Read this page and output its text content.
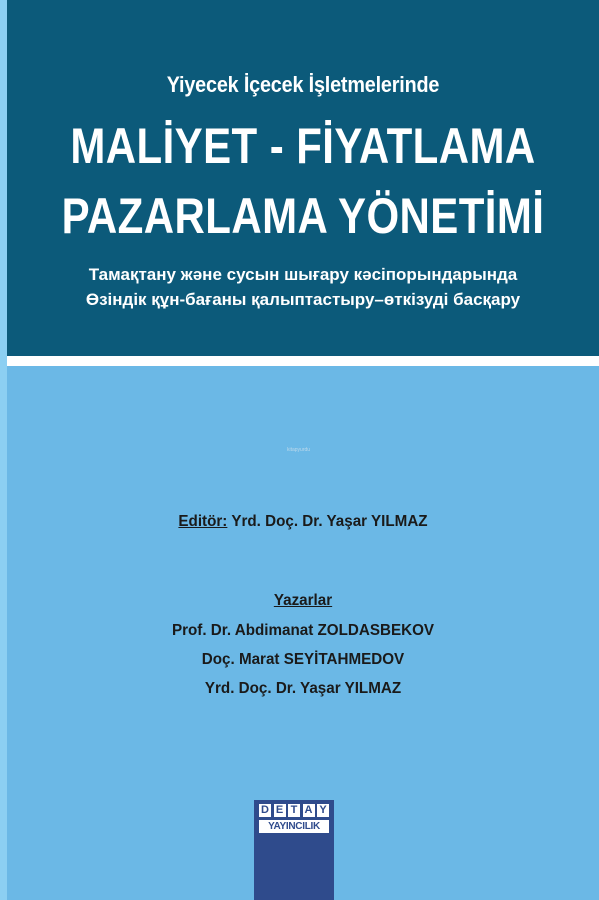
Yiyecek İçecek İşletmelerinde
MALİYET - FİYATLAMA
PAZARLAMA YÖNETİMİ
Тамақтану және сусын шығару кәсіпорындарында
Өзіндік құн-бағаны қалыптастыру–өткізуді басқару
kitapyurdu
Editör: Yrd. Doç. Dr. Yaşar YILMAZ
Yazarlar
Prof. Dr. Abdimanat ZOLDASBEKOV
Doç. Marat SEYİTAHMEDOV
Yrd. Doç. Dr. Yaşar YILMAZ
D E T A Y
YAYINCILIK
